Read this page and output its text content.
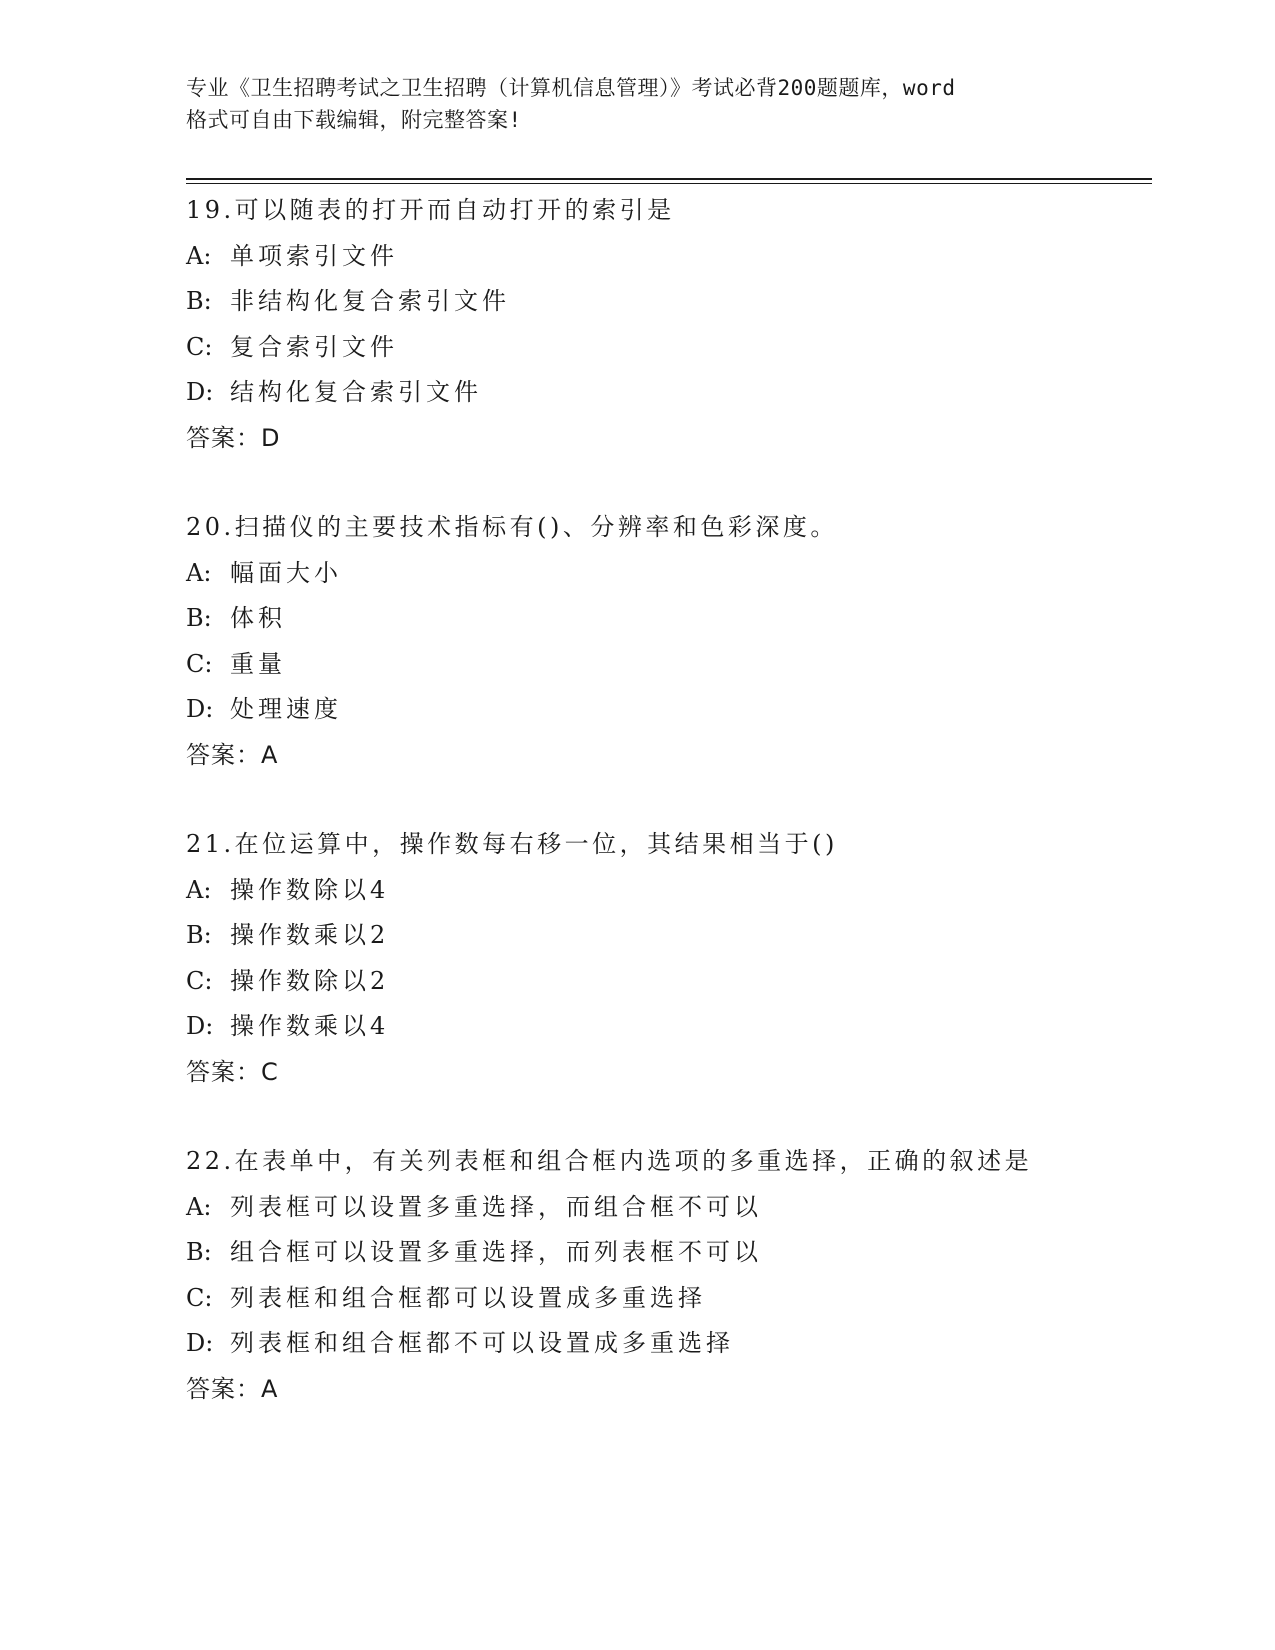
专业《卫生招聘考试之卫生招聘（计算机信息管理）》考试必背200题题库，word
格式可自由下载编辑，附完整答案!
19.可以随表的打开而自动打开的索引是
A: 单项索引文件
B: 非结构化复合索引文件
C: 复合索引文件
D: 结构化复合索引文件
答案：D
20.扫描仪的主要技术指标有()、分辨率和色彩深度。
A: 幅面大小
B: 体积
C: 重量
D: 处理速度
答案：A
21.在位运算中，操作数每右移一位，其结果相当于()
A: 操作数除以4
B: 操作数乘以2
C: 操作数除以2
D: 操作数乘以4
答案：C
22.在表单中，有关列表框和组合框内选项的多重选择，正确的叙述是
A: 列表框可以设置多重选择，而组合框不可以
B: 组合框可以设置多重选择，而列表框不可以
C: 列表框和组合框都可以设置成多重选择
D: 列表框和组合框都不可以设置成多重选择
答案：A
